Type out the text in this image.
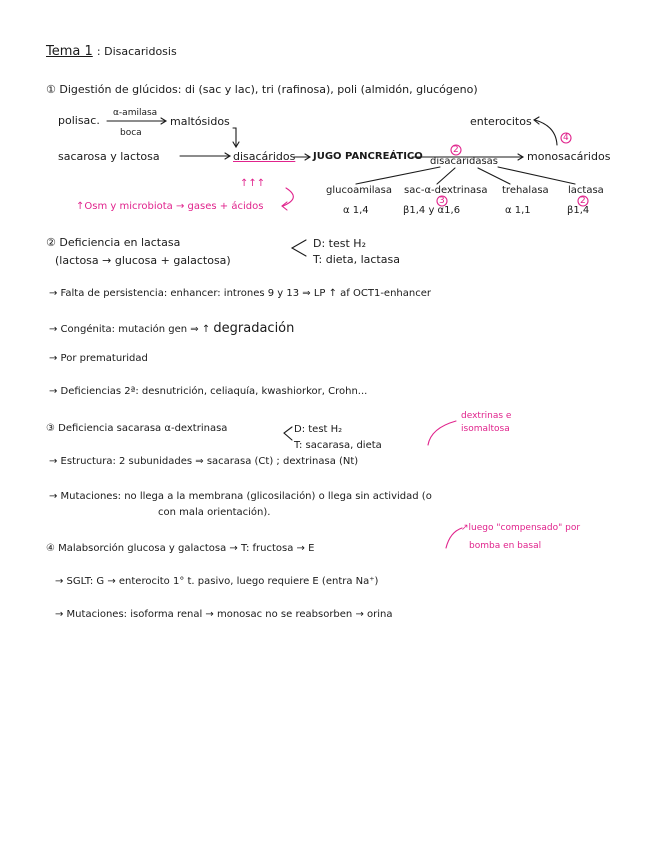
Tema 1 : Disacaridosis
① Digestión de glúcidos: di (sac y lac), tri (rafinosa), poli (almidón, glucógeno)
polisac.
α-amilasa
boca
maltósidos	enterocitos
4
sacarosa y lactosa	disacáridos JUGO PANCREÁTICO disacaridasas
2	monosacáridos
↑↑↑
↑Osm y microbiota → gases + ácidos
glucoamilasa sac-α-dextrinasa trehalasa lactasa
3	2
α 1,4	β1,4 y α1,6	α 1,1	β1,4
② Deficiencia en lactasa
(lactosa → glucosa + galactosa)
D: test H₂
T: dieta, lactasa
→ Falta de persistencia: enhancer: intrones 9 y 13 ⇒ LP ↑ af OCT1-enhancer
→ Congénita: mutación gen ⇒ ↑ degradación
→ Por prematuridad
→ Deficiencias 2ª: desnutrición, celiaquía, kwashiorkor, Crohn...
③ Deficiencia sacarasa α-dextrinasa	D: test H₂
T: sacarasa, dieta
dextrinas e
isomaltosa
→ Estructura: 2 subunidades ⇒ sacarasa (Ct) ; dextrinasa (Nt)
→ Mutaciones: no llega a la membrana (glicosilación) o llega sin actividad (o
con mala orientación).
④ Malabsorción glucosa y galactosa → T: fructosa → E
↗luego "compensado" por
bomba en basal
→ SGLT: G → enterocito 1° t. pasivo, luego requiere E (entra Na⁺)
→ Mutaciones: isoforma renal → monosac no se reabsorben → orina
